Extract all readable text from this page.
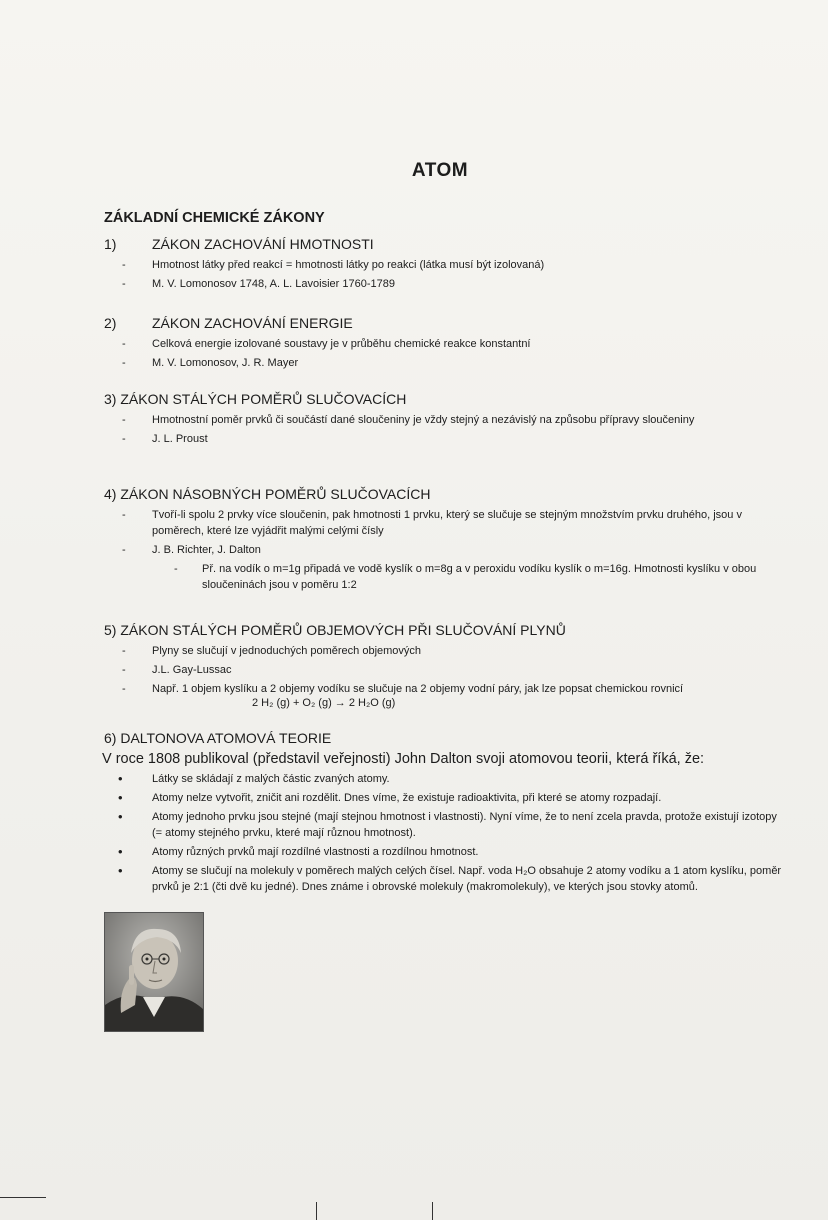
ATOM
ZÁKLADNÍ CHEMICKÉ ZÁKONY
1)	ZÁKON ZACHOVÁNÍ HMOTNOSTI
- Hmotnost látky před reakcí = hmotnosti látky po reakci (látka musí být izolovaná)
- M. V. Lomonosov 1748, A. L. Lavoisier 1760-1789
2)	ZÁKON ZACHOVÁNÍ ENERGIE
- Celková energie izolované soustavy je v průběhu chemické reakce konstantní
- M. V. Lomonosov, J. R. Mayer
3) ZÁKON STÁLÝCH POMĚRŮ SLUČOVACÍCH
- Hmotnostní poměr prvků či součástí dané sloučeniny je vždy stejný a nezávislý na způsobu přípravy sloučeniny
- J. L. Proust
4) ZÁKON NÁSOBNÝCH POMĚRŮ SLUČOVACÍCH
- Tvoří-li spolu 2 prvky více sloučenin, pak hmotnosti 1 prvku, který se slučuje se stejným množstvím prvku druhého, jsou v poměrech, které lze vyjádřit malými celými čísly
- J. B. Richter, J. Dalton
- Př. na vodík o m=1g připadá ve vodě kyslík o m=8g a v peroxidu vodíku kyslík o m=16g. Hmotnosti kyslíku v obou sloučeninách jsou v poměru 1:2
5) ZÁKON STÁLÝCH POMĚRŮ OBJEMOVÝCH PŘI SLUČOVÁNÍ PLYNŮ
- Plyny se slučují v jednoduchých poměrech objemových
- J.L. Gay-Lussac
- Např. 1 objem kyslíku a 2 objemy vodíku se slučuje na 2 objemy vodní páry, jak lze popsat chemickou rovnicí
2 H₂ (g) + O₂ (g) → 2 H₂O (g)
6) DALTONOVA ATOMOVÁ TEORIE
V roce 1808 publikoval (představil veřejnosti) John Dalton svoji atomovou teorii, která říká, že:
• Látky se skládají z malých částic zvaných atomy.
• Atomy nelze vytvořit, zničit ani rozdělit. Dnes víme, že existuje radioaktivita, při které se atomy rozpadají.
• Atomy jednoho prvku jsou stejné (mají stejnou hmotnost i vlastnosti). Nyní víme, že to není zcela pravda, protože existují izotopy (= atomy stejného prvku, které mají různou hmotnost).
• Atomy různých prvků mají rozdílné vlastnosti a rozdílnou hmotnost.
• Atomy se slučují na molekuly v poměrech malých celých čísel. Např. voda H₂O obsahuje 2 atomy vodíku a 1 atom kyslíku, poměr prvků je 2:1 (čti dvě ku jedné). Dnes známe i obrovské molekuly (makromolekuly), ve kterých jsou stovky atomů.
